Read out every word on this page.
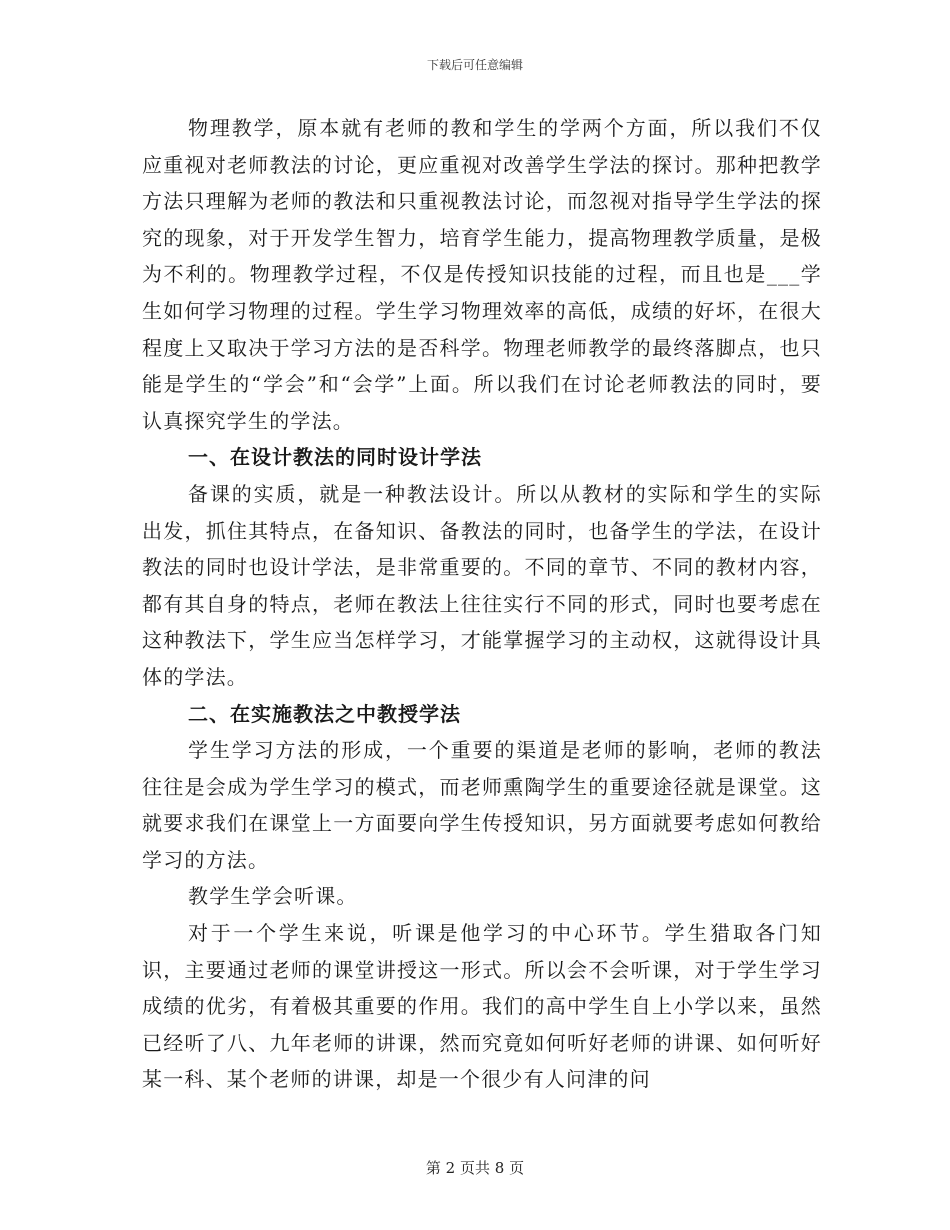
下载后可任意编辑

物理教学，原本就有老师的教和学生的学两个方面，所以我们不仅应重视对老师教法的讨论，更应重视对改善学生学法的探讨。那种把教学方法只理解为老师的教法和只重视教法讨论，而忽视对指导学生学法的探究的现象，对于开发学生智力，培育学生能力，提高物理教学质量，是极为不利的。物理教学过程，不仅是传授知识技能的过程，而且也是___学生如何学习物理的过程。学生学习物理效率的高低，成绩的好坏，在很大程度上又取决于学习方法的是否科学。物理老师教学的最终落脚点，也只能是学生的“学会”和“会学”上面。所以我们在讨论老师教法的同时，要认真探究学生的学法。

一、在设计教法的同时设计学法

备课的实质，就是一种教法设计。所以从教材的实际和学生的实际出发，抓住其特点，在备知识、备教法的同时，也备学生的学法，在设计教法的同时也设计学法，是非常重要的。不同的章节、不同的教材内容，都有其自身的特点，老师在教法上往往实行不同的形式，同时也要考虑在这种教法下，学生应当怎样学习，才能掌握学习的主动权，这就得设计具体的学法。

二、在实施教法之中教授学法

学生学习方法的形成，一个重要的渠道是老师的影响，老师的教法往往是会成为学生学习的模式，而老师熏陶学生的重要途径就是课堂。这就要求我们在课堂上一方面要向学生传授知识，另方面就要考虑如何教给学习的方法。

教学生学会听课。

对于一个学生来说，听课是他学习的中心环节。学生猎取各门知识，主要通过老师的课堂讲授这一形式。所以会不会听课，对于学生学习成绩的优劣，有着极其重要的作用。我们的高中学生自上小学以来，虽然已经听了八、九年老师的讲课，然而究竟如何听好老师的讲课、如何听好某一科、某个老师的讲课，却是一个很少有人问津的问

第 2 页共 8 页
